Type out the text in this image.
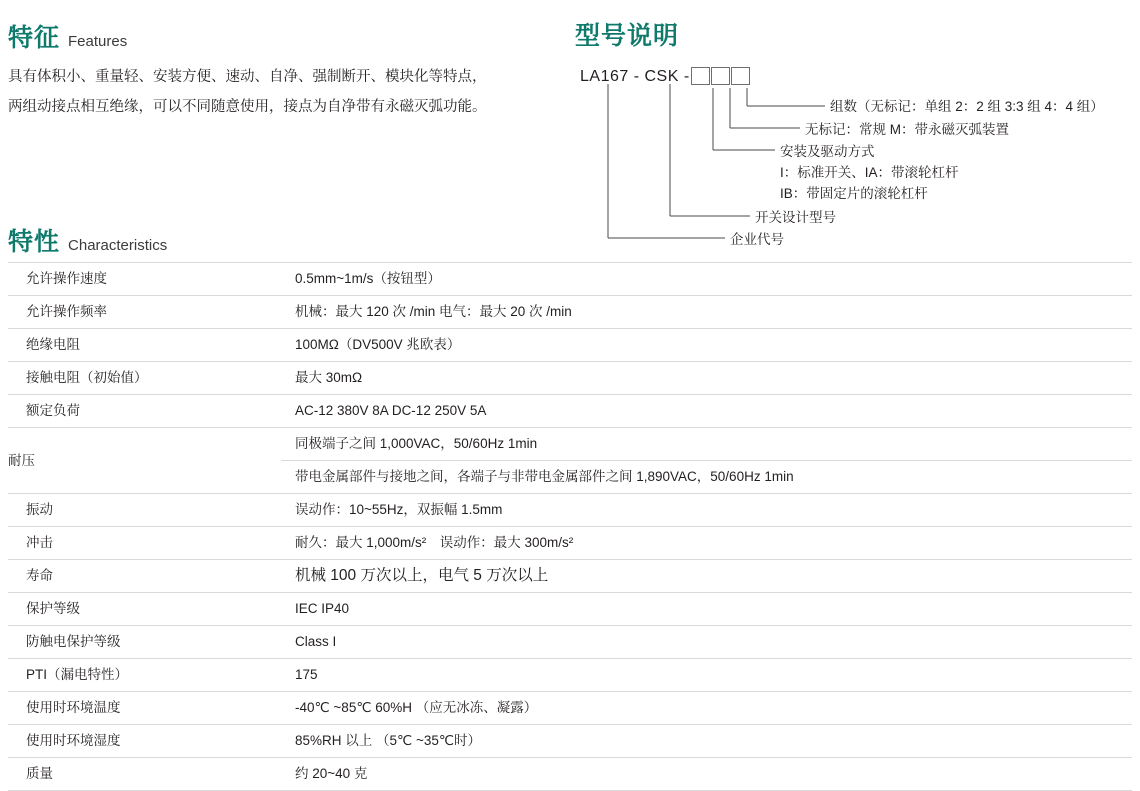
特征 Features
具有体积小、重量轻、安装方便、速动、自净、强制断开、模块化等特点，
两组动接点相互绝缘，可以不同随意使用，接点为自净带有永磁灭弧功能。
型号说明
LA167 - CSK -
组数（无标记：单组 2：2 组 3:3 组 4：4 组）
无标记：常规 M：带永磁灭弧装置
安装及驱动方式
I：标准开关、IA：带滚轮杠杆
IB：带固定片的滚轮杠杆
开关设计型号
企业代号
特性 Characteristics
允许操作速度	0.5mm~1m/s（按钮型）
允许操作频率	机械：最大 120 次 /min 电气：最大 20 次 /min
绝缘电阻	100MΩ（DV500V 兆欧表）
接触电阻（初始值）	最大 30mΩ
额定负荷	AC-12 380V 8A DC-12 250V 5A
耐压	同极端子之间 1,000VAC，50/60Hz 1min
	带电金属部件与接地之间，各端子与非带电金属部件之间 1,890VAC，50/60Hz 1min
振动	误动作：10~55Hz，双振幅 1.5mm
冲击	耐久：最大 1,000m/s²　误动作：最大 300m/s²
寿命	机械 100 万次以上，电气 5 万次以上
保护等级	IEC IP40
防触电保护等级	Class I
PTI（漏电特性）	175
使用时环境温度	-40℃ ~85℃ 60%H （应无冰冻、凝露）
使用时环境湿度	85%RH 以上 （5℃ ~35℃时）
质量	约 20~40 克
